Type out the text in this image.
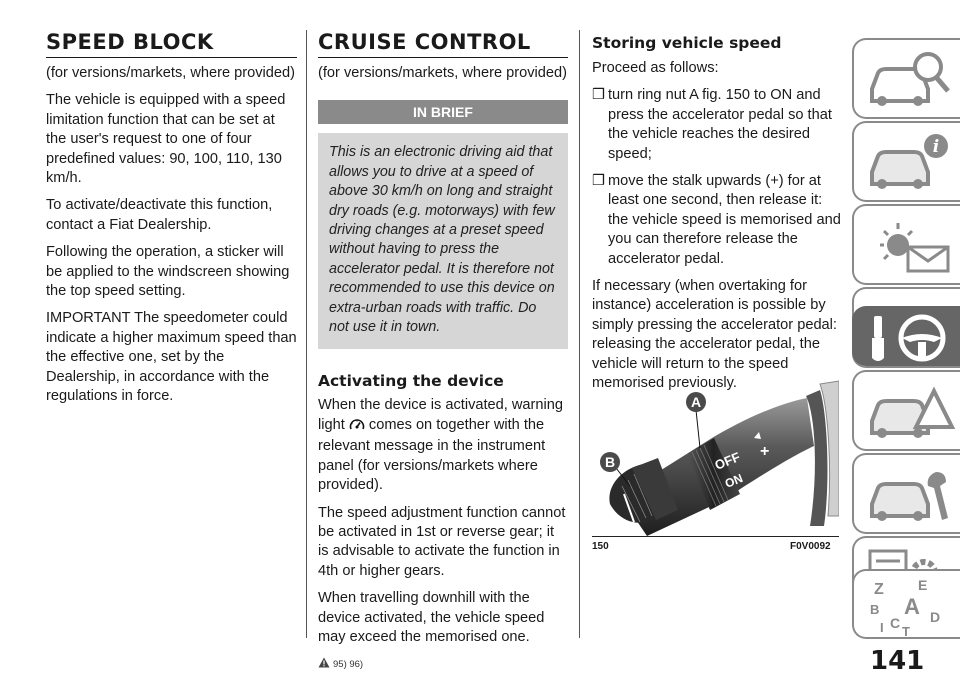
SPEED BLOCK

(for versions/markets, where provided)

The vehicle is equipped with a speed limitation function that can be set at the user's request to one of four predefined values: 90, 100, 110, 130 km/h.

To activate/deactivate this function, contact a Fiat Dealership.

Following the operation, a sticker will be applied to the windscreen showing the top speed setting.

IMPORTANT The speedometer could indicate a higher maximum speed than the effective one, set by the Dealership, in accordance with the regulations in force.

CRUISE CONTROL

(for versions/markets, where provided)

IN BRIEF
This is an electronic driving aid that allows you to drive at a speed of above 30 km/h on long and straight dry roads (e.g. motorways) with few driving changes at a preset speed without having to press the accelerator pedal. It is therefore not recommended to use this device on extra-urban roads with traffic. Do not use it in town.
Activating the device

When the device is activated, warning light comes on together with the relevant message in the instrument panel (for versions/markets where provided).

The speed adjustment function cannot be activated in 1st or reverse gear; it is advisable to activate the function in 4th or higher gears.

When travelling downhill with the device activated, the vehicle speed may exceed the memorised one.

95) 96)
Storing vehicle speed

Proceed as follows:

❒ turn ring nut A fig. 150 to ON and press the accelerator pedal so that the vehicle reaches the desired speed;

❒ move the stalk upwards (+) for at least one second, then release it: the vehicle speed is memorised and you can therefore release the accelerator pedal.

If necessary (when overtaking for instance) acceleration is possible by simply pressing the accelerator pedal: releasing the accelerator pedal, the vehicle will return to the speed memorised previously.

OFF
ON
+
–
A
B
150	F0V0092
i
Z E
B A D
I C
T
141
